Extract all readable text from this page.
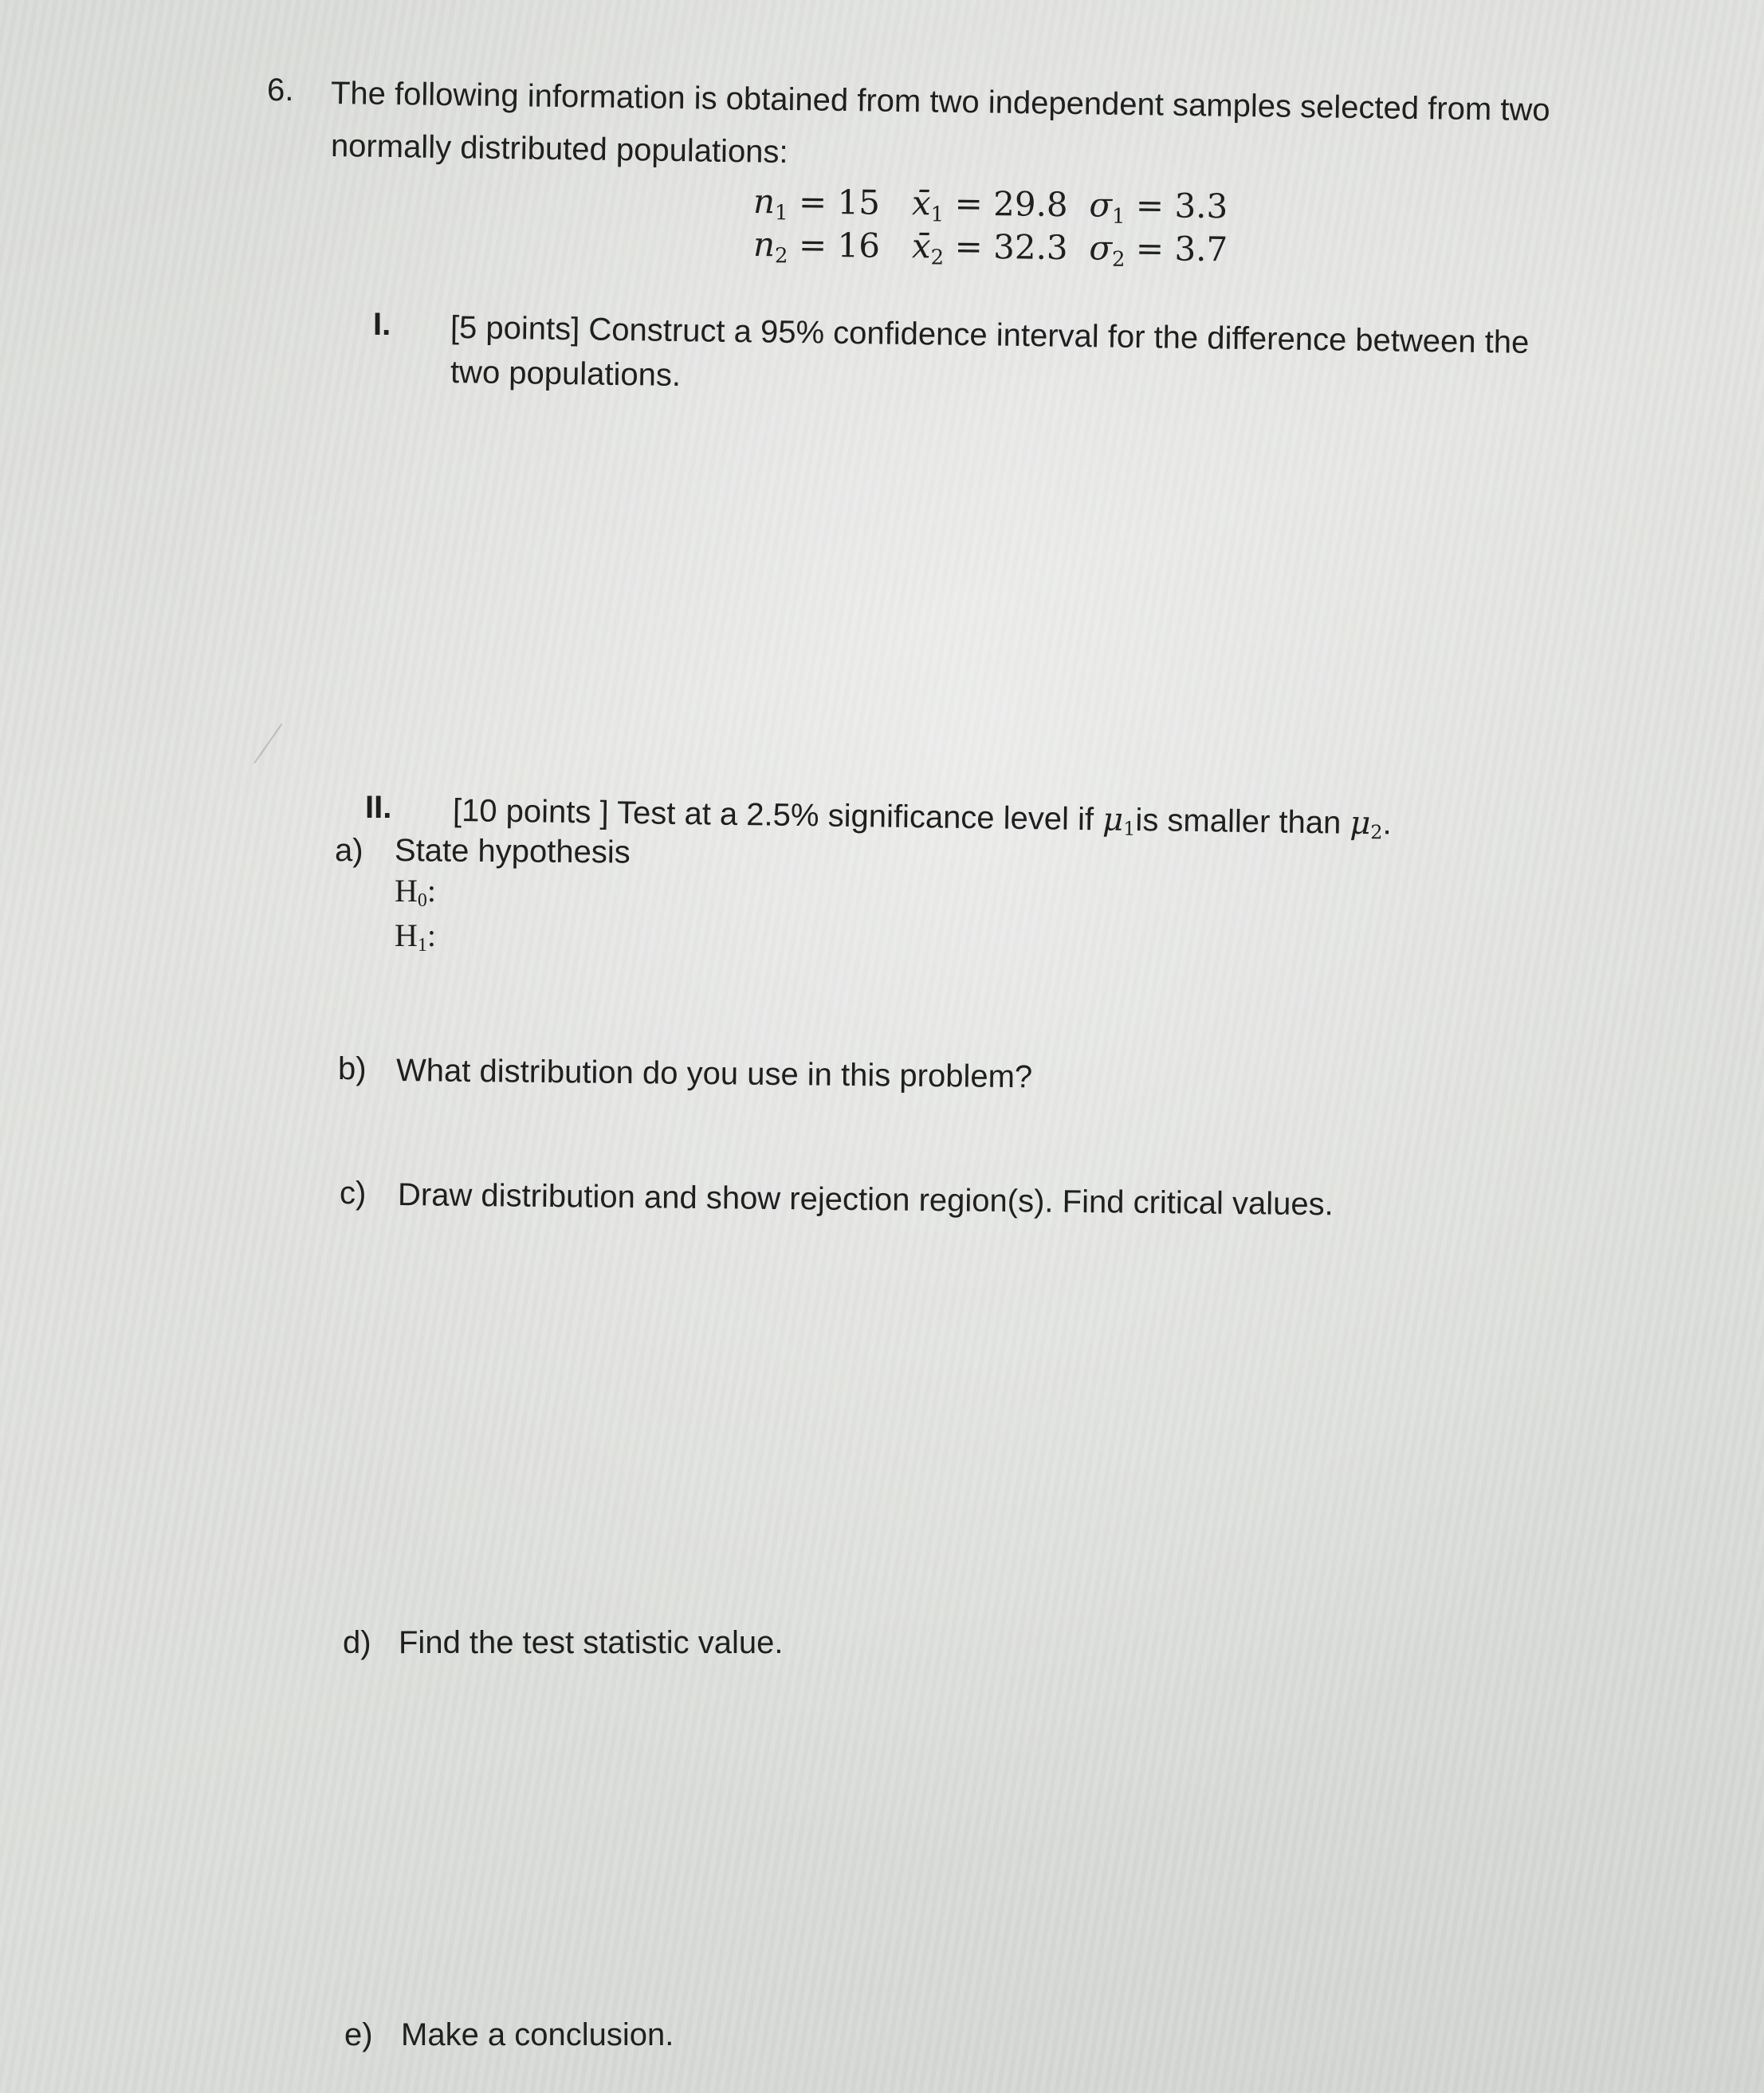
6. The following information is obtained from two independent samples selected from two
normally distributed populations:
$n_1 = 15$ $x̄_1 = 29.8$ $\sigma_1 = 3.3$
$n_2 = 16$ $x̄_2 = 32.3$ $\sigma_2 = 3.7$
I. [5 points] Construct a 95% confidence interval for the difference between the
two populations.
II. [10 points ] Test at a 2.5% significance level if $\mu_1is$ smaller than $\mu_2$.
a) State hypothesis
$H_0$:
$H_1$:
b) What distribution do you use in this problem?
c) Draw distribution and show rejection region(s). Find critical values.
d) Find the test statistic value.
e) Make a conclusion.
